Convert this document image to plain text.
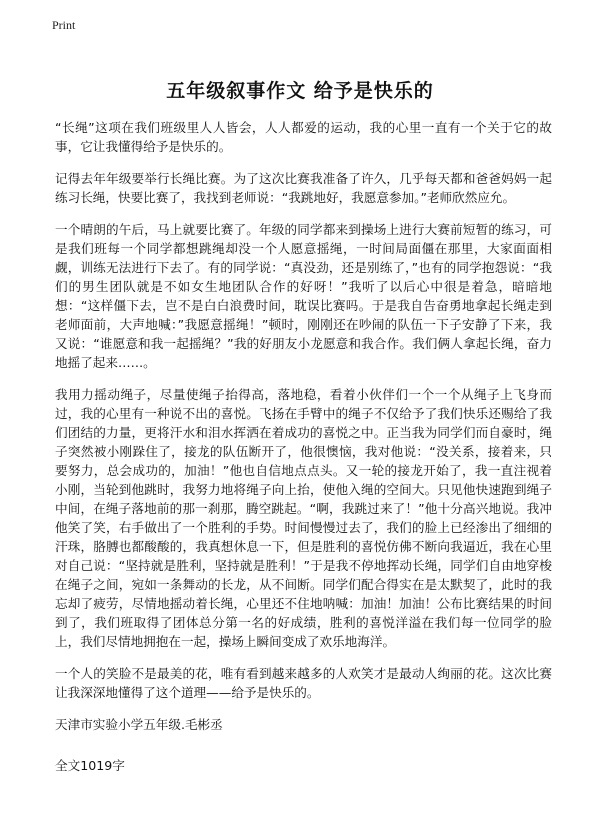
Print
五年级叙事作文 给予是快乐的

“长绳”这项在我们班级里人人皆会，人人都爱的运动，我的心里一直有一个关于它的故事，它让我懂得给予是快乐的。

记得去年年级要举行长绳比赛。为了这次比赛我准备了许久，几乎每天都和爸爸妈妈一起练习长绳，快要比赛了，我找到老师说：“我跳地好，我愿意参加。”老师欣然应允。

一个晴朗的午后，马上就要比赛了。年级的同学都来到操场上进行大赛前短暂的练习，可是我们班每一个同学都想跳绳却没一个人愿意摇绳，一时间局面僵在那里，大家面面相觑，训练无法进行下去了。有的同学说：“真没劲，还是别练了，”也有的同学抱怨说：“我们的男生团队就是不如女生地团队合作的好呀！”我听了以后心中很是着急，暗暗地想：“这样僵下去，岂不是白白浪费时间，耽误比赛吗。于是我自告奋勇地拿起长绳走到老师面前，大声地喊：”我愿意摇绳！”顿时，刚刚还在吵闹的队伍一下子安静了下来，我又说：“谁愿意和我一起摇绳？”我的好朋友小龙愿意和我合作。我们俩人拿起长绳，奋力地摇了起来……。

我用力摇动绳子，尽量使绳子抬得高，落地稳，看着小伙伴们一个一个从绳子上飞身而过，我的心里有一种说不出的喜悦。飞扬在手臂中的绳子不仅给予了我们快乐还赐给了我们团结的力量，更将汗水和泪水挥洒在着成功的喜悦之中。正当我为同学们而自豪时，绳子突然被小刚跺住了，接龙的队伍断开了，他很懊恼，我对他说：“没关系，接着来，只要努力，总会成功的，加油！”他也自信地点点头。又一轮的接龙开始了，我一直注视着小刚，当轮到他跳时，我努力地将绳子向上抬，使他入绳的空间大。只见他快速跑到绳子中间，在绳子落地前的那一刹那，腾空跳起。“啊，我跳过来了！”他十分高兴地说。我冲他笑了笑，右手做出了一个胜利的手势。时间慢慢过去了，我们的脸上已经渗出了细细的汗珠，胳膊也都酸酸的，我真想休息一下，但是胜利的喜悦仿佛不断向我逼近，我在心里对自己说：“坚持就是胜利，坚持就是胜利！”于是我不停地挥动长绳，同学们自由地穿梭在绳子之间，宛如一条舞动的长龙，从不间断。同学们配合得实在是太默契了，此时的我忘却了疲劳，尽情地摇动着长绳，心里还不住地呐喊：加油！加油！公布比赛结果的时间到了，我们班取得了团体总分第一名的好成绩，胜利的喜悦洋溢在我们每一位同学的脸上，我们尽情地拥抱在一起，操场上瞬间变成了欢乐地海洋。

一个人的笑脸不是最美的花，唯有看到越来越多的人欢笑才是最动人绚丽的花。这次比赛让我深深地懂得了这个道理——给予是快乐的。

天津市实验小学五年级.毛彬丞

全文1019字
